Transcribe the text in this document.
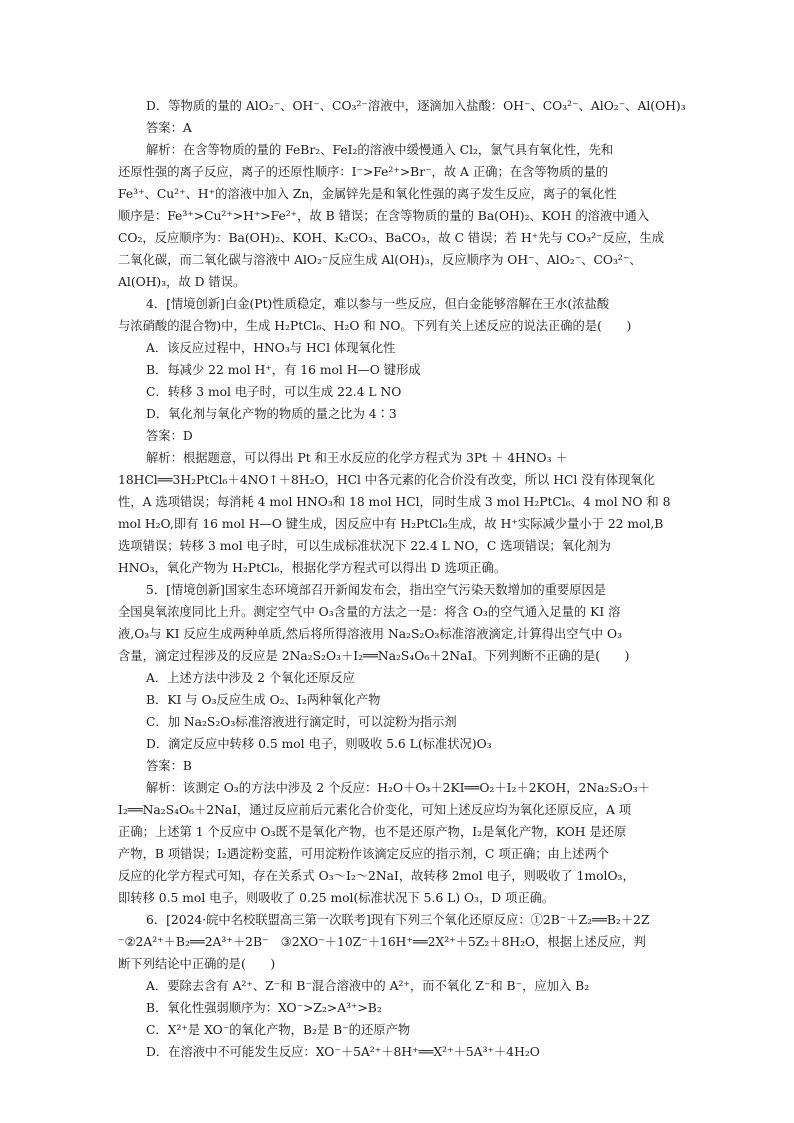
D．等物质的量的 AlO₂⁻、OH⁻、CO₃²⁻溶液中，逐滴加入盐酸：OH⁻、CO₃²⁻、AlO₂⁻、Al(OH)₃
答案：A
解析：在含等物质的量的 FeBr₂、FeI₂的溶液中缓慢通入 Cl₂，氯气具有氧化性，先和
还原性强的离子反应，离子的还原性顺序：I⁻>Fe²⁺>Br⁻，故 A 正确；在含等物质的量的
Fe³⁺、Cu²⁺、H⁺的溶液中加入 Zn，金属锌先是和氧化性强的离子发生反应，离子的氧化性
顺序是：Fe³⁺>Cu²⁺>H⁺>Fe²⁺，故 B 错误；在含等物质的量的 Ba(OH)₂、KOH 的溶液中通入
CO₂，反应顺序为：Ba(OH)₂、KOH、K₂CO₃、BaCO₃，故 C 错误；若 H⁺先与 CO₃²⁻反应，生成
二氧化碳，而二氧化碳与溶液中 AlO₂⁻反应生成 Al(OH)₃，反应顺序为 OH⁻、AlO₂⁻、CO₃²⁻、
Al(OH)₃，故 D 错误。
4．[情境创新]白金(Pt)性质稳定，难以参与一些反应，但白金能够溶解在王水(浓盐酸
与浓硝酸的混合物)中，生成 H₂PtCl₆、H₂O 和 NO。下列有关上述反应的说法正确的是(　　)
A．该反应过程中，HNO₃与 HCl 体现氧化性
B．每减少 22 mol H⁺，有 16 mol H—O 键形成
C．转移 3 mol 电子时，可以生成 22.4 L NO
D．氧化剂与氧化产物的物质的量之比为 4∶3
答案：D
解析：根据题意，可以得出 Pt 和王水反应的化学方程式为 3Pt ＋ 4HNO₃ ＋
18HCl══3H₂PtCl₆＋4NO↑＋8H₂O，HCl 中各元素的化合价没有改变，所以 HCl 没有体现氧化
性，A 选项错误；每消耗 4 mol HNO₃和 18 mol HCl，同时生成 3 mol H₂PtCl₆、4 mol NO 和 8
mol H₂O,即有 16 mol H—O 键生成，因反应中有 H₂PtCl₆生成，故 H⁺实际减少量小于 22 mol,B
选项错误；转移 3 mol 电子时，可以生成标准状况下 22.4 L NO，C 选项错误；氧化剂为
HNO₃，氧化产物为 H₂PtCl₆，根据化学方程式可以得出 D 选项正确。
5．[情境创新]国家生态环境部召开新闻发布会，指出空气污染天数增加的重要原因是
全国臭氧浓度同比上升。测定空气中 O₃含量的方法之一是：将含 O₃的空气通入足量的 KI 溶
液,O₃与 KI 反应生成两种单质,然后将所得溶液用 Na₂S₂O₃标准溶液滴定,计算得出空气中 O₃
含量，滴定过程涉及的反应是 2Na₂S₂O₃＋I₂══Na₂S₄O₆＋2NaI。下列判断不正确的是(　　)
A．上述方法中涉及 2 个氧化还原反应
B．KI 与 O₃反应生成 O₂、I₂两种氧化产物
C．加 Na₂S₂O₃标准溶液进行滴定时，可以淀粉为指示剂
D．滴定反应中转移 0.5 mol 电子，则吸收 5.6 L(标准状况)O₃
答案：B
解析：该测定 O₃的方法中涉及 2 个反应：H₂O＋O₃＋2KI══O₂＋I₂＋2KOH，2Na₂S₂O₃＋
I₂══Na₂S₄O₆＋2NaI，通过反应前后元素化合价变化，可知上述反应均为氧化还原反应，A 项
正确；上述第 1 个反应中 O₃既不是氧化产物，也不是还原产物，I₂是氧化产物，KOH 是还原
产物，B 项错误；I₂遇淀粉变蓝，可用淀粉作该滴定反应的指示剂，C 项正确；由上述两个
反应的化学方程式可知，存在关系式 O₃～I₂～2NaI，故转移 2mol 电子，则吸收了 1molO₃，
即转移 0.5 mol 电子，则吸收了 0.25 mol(标准状况下 5.6 L) O₃，D 项正确。
6．[2024·皖中名校联盟高三第一次联考]现有下列三个氧化还原反应：①2B⁻＋Z₂══B₂＋2Z
⁻②2A²⁺＋B₂══2A³⁺＋2B⁻　③2XO⁻＋10Z⁻＋16H⁺══2X²⁺＋5Z₂＋8H₂O，根据上述反应，判
断下列结论中正确的是(　　)
A．要除去含有 A²⁺、Z⁻和 B⁻混合溶液中的 A²⁺，而不氧化 Z⁻和 B⁻，应加入 B₂
B．氧化性强弱顺序为：XO⁻>Z₂>A³⁺>B₂
C．X²⁺是 XO⁻的氧化产物，B₂是 B⁻的还原产物
D．在溶液中不可能发生反应：XO⁻＋5A²⁺＋8H⁺══X²⁺＋5A³⁺＋4H₂O
